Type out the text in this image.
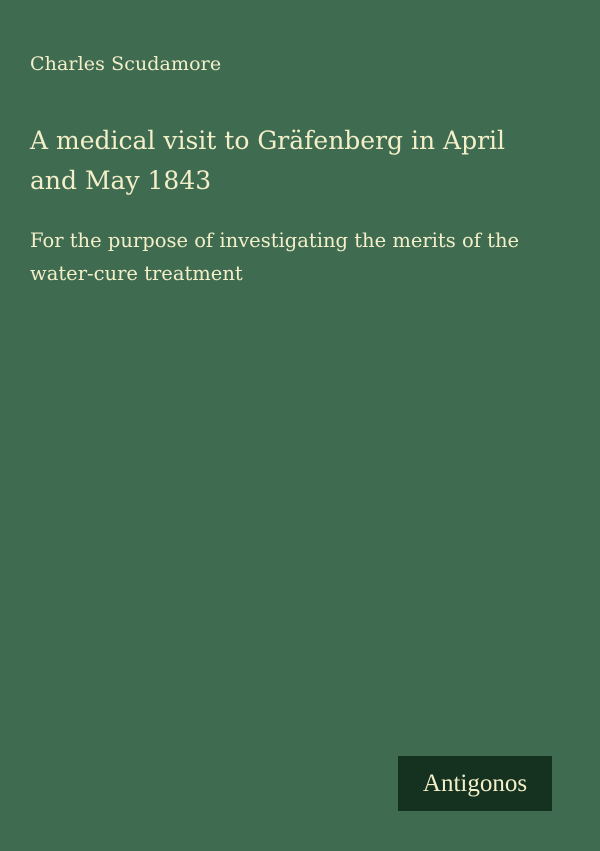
Charles Scudamore
A medical visit to Gräfenberg in April
and May 1843
For the purpose of investigating the merits of the
water-cure treatment
Antigonos
